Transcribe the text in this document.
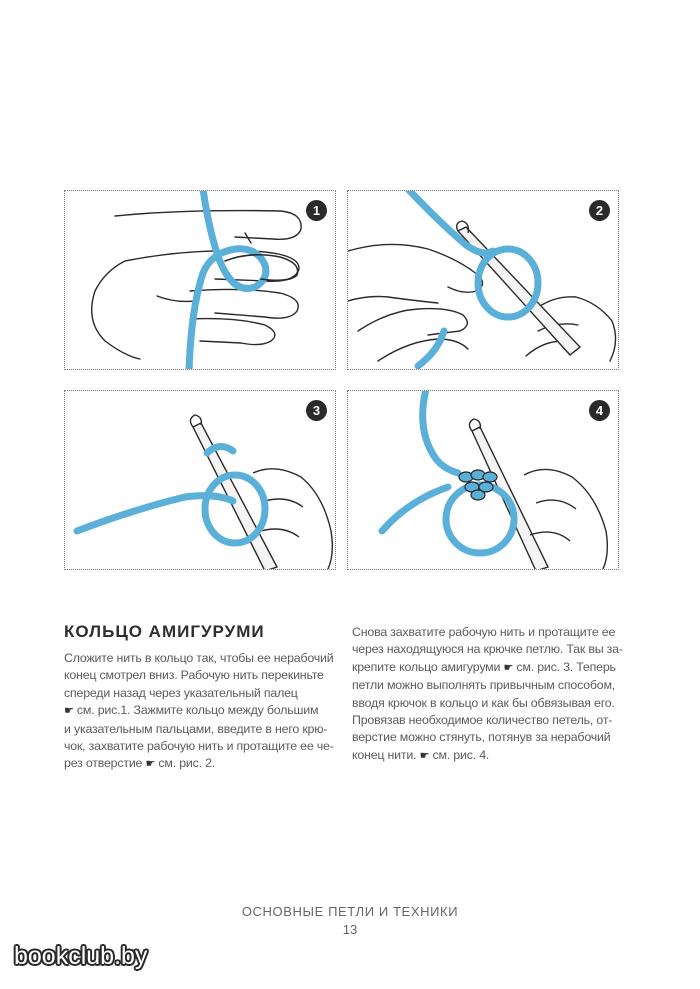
1	2
3	4
КОЛЬЦО АМИГУРУМИ
Сложите нить в кольцо так, чтобы ее нерабочий
конец смотрел вниз. Рабочую нить перекиньте
спереди назад через указательный палец
☛ см. рис.1. Зажмите кольцо между большим
и указательным пальцами, введите в него крю-
чок, захватите рабочую нить и протащите ее че-
рез отверстие ☛ см. рис. 2.
Снова захватите рабочую нить и протащите ее
через находящуюся на крючке петлю. Так вы за-
крепите кольцо амигуруми ☛ см. рис. 3. Теперь
петли можно выполнять привычным способом,
вводя крючок в кольцо и как бы обвязывая его.
Провязав необходимое количество петель, от-
верстие можно стянуть, потянув за нерабочий
конец нити. ☛ см. рис. 4.
ОСНОВНЫЕ ПЕТЛИ И ТЕХНИКИ
13
bookclub.by
